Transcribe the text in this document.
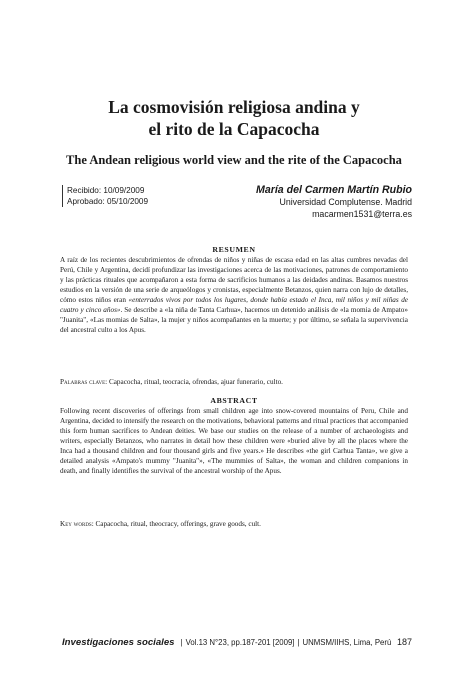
La cosmovisión religiosa andina y
el rito de la Capacocha
The Andean religious world view and the rite of the Capacocha
Recibido: 10/09/2009
Aprobado: 05/10/2009
María del Carmen Martín Rubio
Universidad Complutense. Madrid
macarmen1531@terra.es
RESUMEN

A raíz de los recientes descubrimientos de ofrendas de niños y niñas de escasa edad en las altas cumbres nevadas del Perú, Chile y Argentina, decidí profundizar las investigaciones acerca de las motivaciones, patrones de comportamiento y las prácticas rituales que acompañaron a esta forma de sacrificios humanos a las deidades andinas. Basamos nuestros estudios en la versión de una serie de arqueólogos y cronistas, especialmente Betanzos, quien narra con lujo de detalles, cómo estos niños eran «enterrados vivos por todos los lugares, donde había estado el Inca, mil niños y mil niñas de cuatro y cinco años». Se describe a «la niña de Tanta Carhua», hacemos un detenido análisis de «la momia de Ampato» "Juanita", «Las momias de Salta», la mujer y niños acompañantes en la muerte; y por último, se señala la supervivencia del ancestral culto a los Apus.

Palabras clave: Capacocha, ritual, teocracia, ofrendas, ajuar funerario, culto.

ABSTRACT

Following recent discoveries of offerings from small children age into snow-covered mountains of Peru, Chile and Argentina, decided to intensify the research on the motivations, behavioral patterns and ritual practices that accompanied this form human sacrifices to Andean deities. We base our studies on the release of a number of archaeologists and writers, especially Betanzos, who narrates in detail how these children were «buried alive by all the places where the Inca had a thousand children and four thousand girls and five years.» He describes «the girl Carhua Tanta», we give a detailed analysis «Ampato's mummy "Juanita"», «The mummies of Salta», the woman and children companions in death, and finally identifies the survival of the ancestral worship of the Apus.

Key words: Capacocha, ritual, theocracy, offerings, grave goods, cult.

Investigaciones sociales | Vol.13 N°23, pp.187-201 [2009] | UNMSM/IIHS, Lima, Perú 187
